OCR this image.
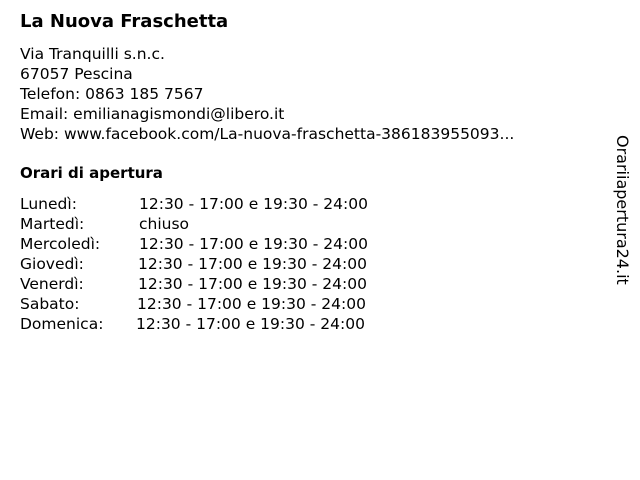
La Nuova Fraschetta
Via Tranquilli s.n.c.
67057 Pescina
Telefon: 0863 185 7567
Email: emilianagismondi@libero.it
Web: www.facebook.com/La-nuova-fraschetta-386183955093...
Orari di apertura
Lunedì:	12:30 - 17:00 e 19:30 - 24:00
Martedì:	chiuso
Mercoledì:	12:30 - 17:00 e 19:30 - 24:00
Giovedì:	12:30 - 17:00 e 19:30 - 24:00
Venerdì:	12:30 - 17:00 e 19:30 - 24:00
Sabato:	12:30 - 17:00 e 19:30 - 24:00
Domenica: 12:30 - 17:00 e 19:30 - 24:00
Orariiapertura24.it
